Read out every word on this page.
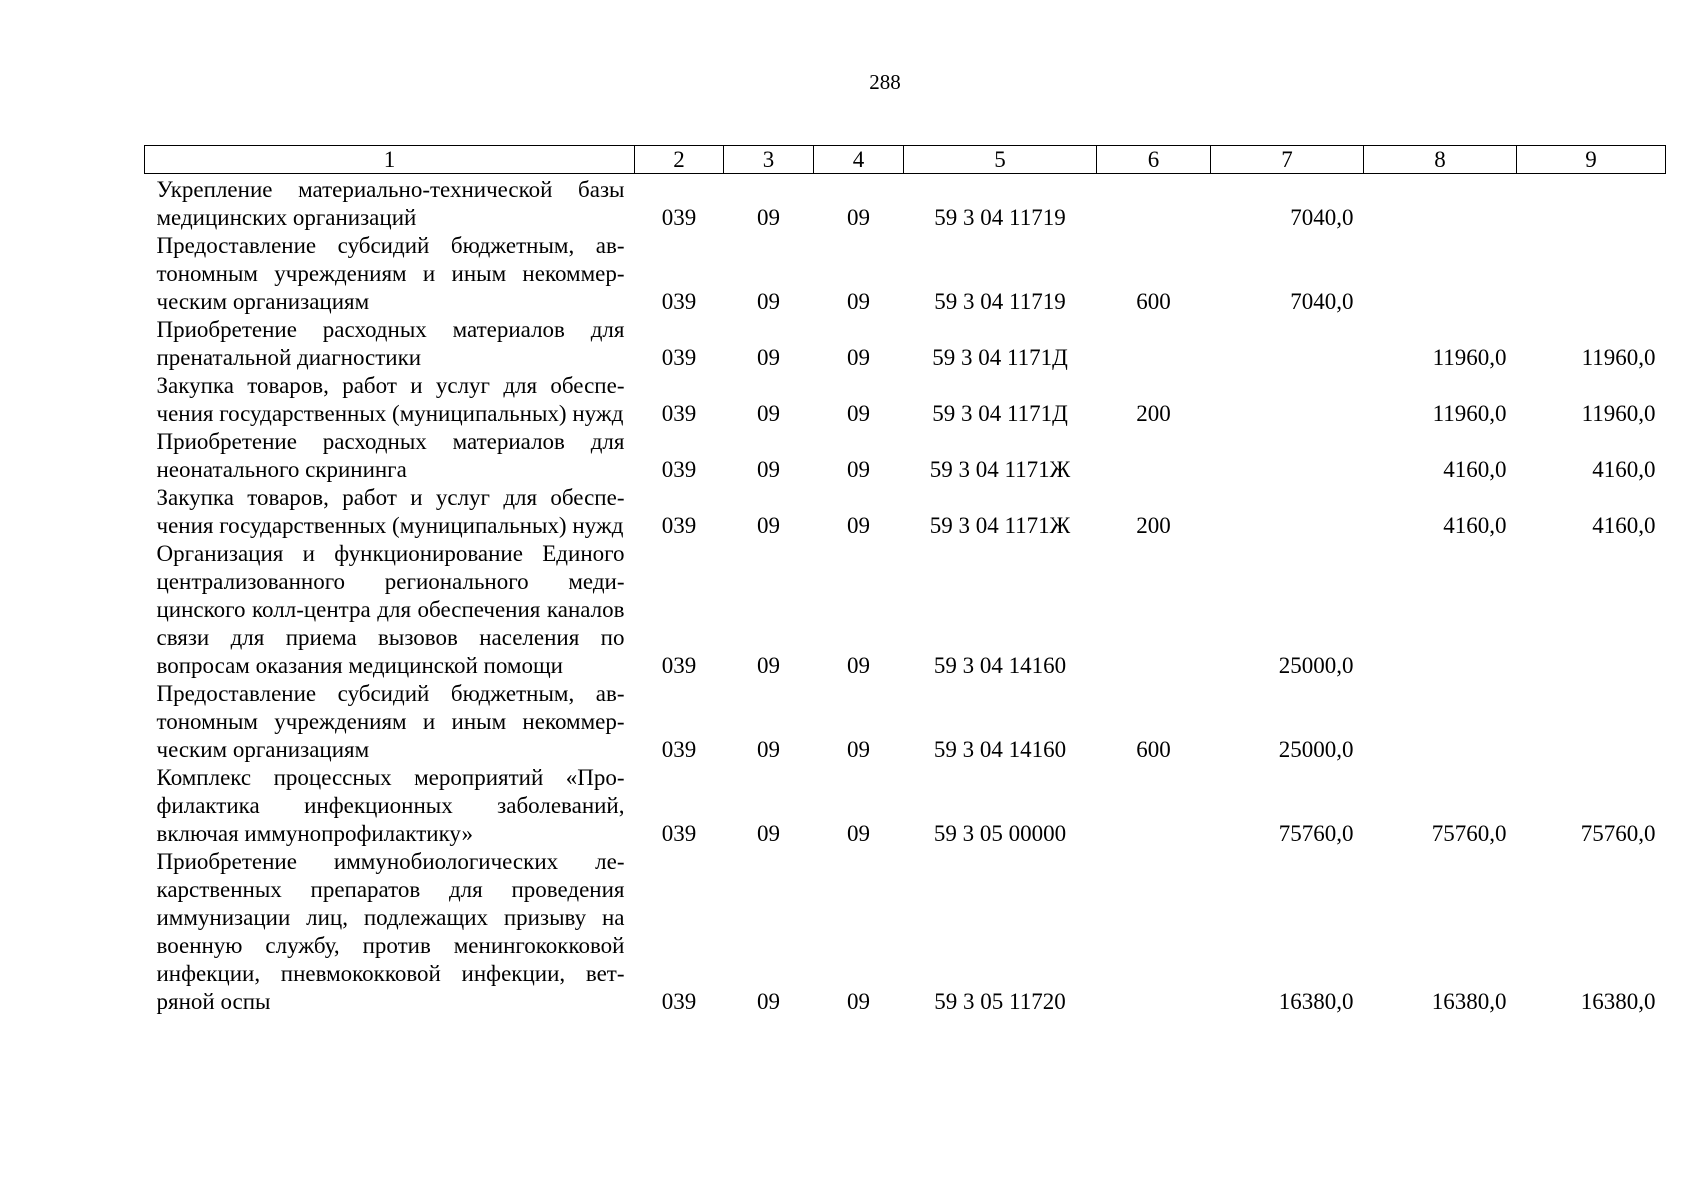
288
1	2	3	4	5	6	7	8	9
Укрепление материально-технической базы медицинских организаций	039	09	09	59 3 04 11719		7040,0		
Предоставление субсидий бюджетным, автономным учреждениям и иным некоммерческим организациям	039	09	09	59 3 04 11719	600	7040,0		
Приобретение расходных материалов для пренатальной диагностики	039	09	09	59 3 04 1171Д			11960,0	11960,0
Закупка товаров, работ и услуг для обеспечения государственных (муниципальных) нужд	039	09	09	59 3 04 1171Д	200		11960,0	11960,0
Приобретение расходных материалов для неонатального скрининга	039	09	09	59 3 04 1171Ж			4160,0	4160,0
Закупка товаров, работ и услуг для обеспечения государственных (муниципальных) нужд	039	09	09	59 3 04 1171Ж	200		4160,0	4160,0
Организация и функционирование Единого централизованного регионального медицинского колл-центра для обеспечения каналов связи для приема вызовов населения по вопросам оказания медицинской помощи	039	09	09	59 3 04 14160		25000,0		
Предоставление субсидий бюджетным, автономным учреждениям и иным некоммерческим организациям	039	09	09	59 3 04 14160	600	25000,0		
Комплекс процессных мероприятий «Профилактика инфекционных заболеваний, включая иммунопрофилактику»	039	09	09	59 3 05 00000		75760,0	75760,0	75760,0
Приобретение иммунобиологических лекарственных препаратов для проведения иммунизации лиц, подлежащих призыву на военную службу, против менингококковой инфекции, пневмококковой инфекции, ветряной оспы	039	09	09	59 3 05 11720		16380,0	16380,0	16380,0
